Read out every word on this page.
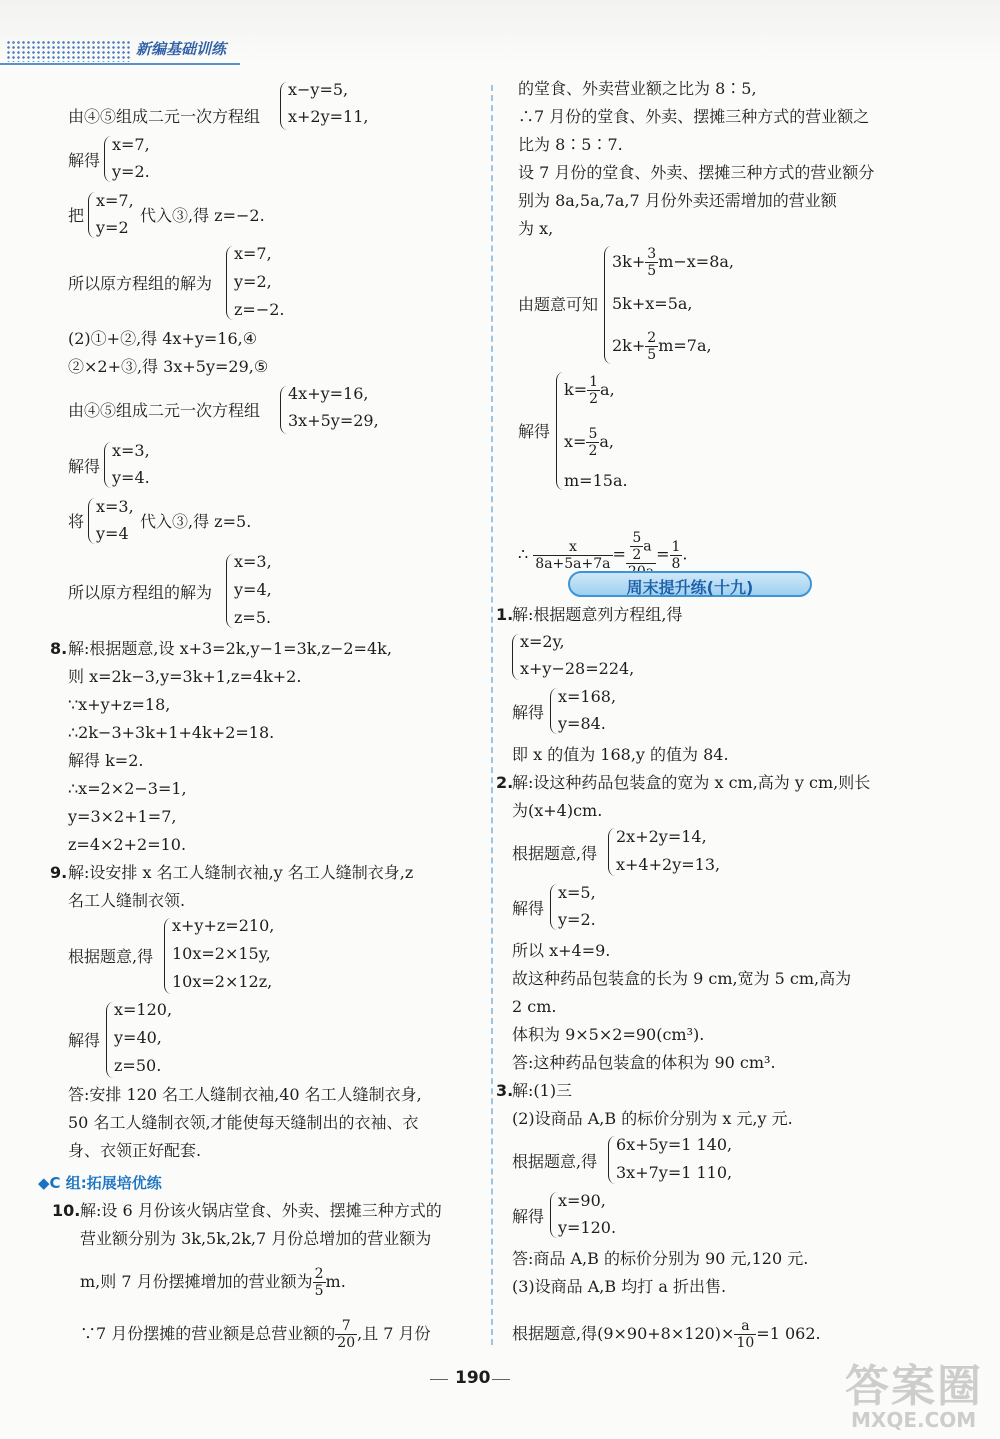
新编基础训练
由④⑤组成二元一次方程组
x−y=5,
x+2y=11,
解得
x=7,
y=2.
把
x=7,
y=2
代入③,得 z=−2.
所以原方程组的解为
x=7,
y=2,
z=−2.
(2)①+②,得 4x+y=16,④
②×2+③,得 3x+5y=29,⑤
由④⑤组成二元一次方程组
4x+y=16,
3x+5y=29,
解得
x=3,
y=4.
将
x=3,
y=4
代入③,得 z=5.
所以原方程组的解为
x=3,
y=4,
z=5.
8. 解:根据题意,设 x+3=2k,y−1=3k,z−2=4k,
则 x=2k−3,y=3k+1,z=4k+2.
∵x+y+z=18,
∴2k−3+3k+1+4k+2=18.
解得 k=2.
∴x=2×2−3=1,
y=3×2+1=7,
z=4×2+2=10.
9. 解:设安排 x 名工人缝制衣袖,y 名工人缝制衣身,z
名工人缝制衣领.
根据题意,得
x+y+z=210,
10x=2×15y,
10x=2×12z,
解得
x=120,
y=40,
z=50.
答:安排 120 名工人缝制衣袖,40 名工人缝制衣身,
50 名工人缝制衣领,才能使每天缝制出的衣袖、衣
身、衣领正好配套.
◆C 组:拓展培优练
10. 解:设 6 月份该火锅店堂食、外卖、摆摊三种方式的
营业额分别为 3k,5k,2k,7 月份总增加的营业额为
m,则 7 月份摆摊增加的营业额为 $\frac{2}{5} m$.
∵7 月份摆摊的营业额是总营业额的 $\frac{7}{20}$ ,且 7 月份
的堂食、外卖营业额之比为 8∶5,
∴7 月份的堂食、外卖、摆摊三种方式的营业额之
比为 8∶5∶7.
设 7 月份的堂食、外卖、摆摊三种方式的营业额分
别为 8a,5a,7a,7 月份外卖还需增加的营业额
为 x,
由题意可知
$3k+ \frac{3}{5} m-x=8a$,
5k+x=5a,
$2k+ \frac{2}{5} m=7a$,
解得
$k= \frac{1}{2} a$,
$x= \frac{5}{2} a$,
m=15a.
∴ $\frac{x}{8a+5a+7a} = \frac{5}{2}$ $a = \frac{1}{8}$ .
周末提升练(十九)
1.
解:根据题意列方程组,得
x=2y,
x+y−28=224,
解得
x=168,
y=84.
即 x 的值为 168,y 的值为 84.
2.
解:设这种药品包装盒的宽为 x cm,高为 y cm,则长
为(x+4)cm.
根据题意,得
2x+2y=14,
x+4+2y=13,
解得
x=5,
y=2.
所以 x+4=9.
故这种药品包装盒的长为 9 cm,宽为 5 cm,高为
2 cm.
体积为 9×5×2=90(cm³).
答:这种药品包装盒的体积为 90 cm³.
3.
解:(1)三
(2)设商品 A,B 的标价分别为 x 元,y 元.
根据题意,得
6x+5y=1 140,
3x+7y=1 110,
解得
x=90,
y=120.
答:商品 A,B 的标价分别为 90 元,120 元.
(3)设商品 A,B 均打 a 折出售.
根据题意,得$(9\times 90+8\times 120)\times \frac{a}{10} =1$ 062.
190	答案圈
MXQE.COM
